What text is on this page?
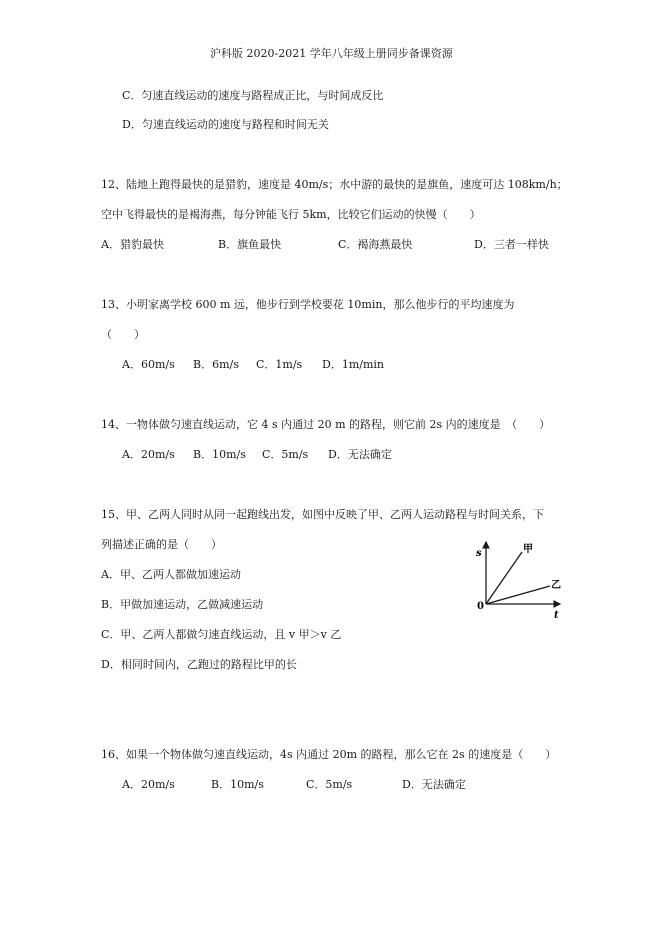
沪科版 2020-2021 学年八年级上册同步备课资源
C．匀速直线运动的速度与路程成正比，与时间成反比
D．匀速直线运动的速度与路程和时间无关
12、陆地上跑得最快的是猎豹，速度是 40m/s；水中游的最快的是旗鱼，速度可达 108km/h；
空中飞得最快的是褐海燕，每分钟能飞行 5km，比较它们运动的快慢（　　）
A．猎豹最快	B．旗鱼最快	C．褐海燕最快	D．三者一样快
13、小明家离学校 600 m 远，他步行到学校要花 10min，那么他步行的平均速度为
（　　）
A．60m/s B．6m/s C．1m/s D．1m/min
14、一物体做匀速直线运动，它 4 s 内通过 20 m 的路程，则它前 2s 内的速度是　（　　）
A．20m/s B．10m/s C．5m/s D．无法确定
15、甲、乙两人同时从同一起跑线出发，如图中反映了甲、乙两人运动路程与时间关系，下
列描述正确的是（　　）
A．甲、乙两人都做加速运动
B．甲做加速运动，乙做减速运动
C．甲、乙两人都做匀速直线运动，且 v 甲＞v 乙
D．相同时间内，乙跑过的路程比甲的长
s
t
0
甲
乙
16、如果一个物体做匀速直线运动，4s 内通过 20m 的路程，那么它在 2s 的速度是（　　）
A．20m/s	B．10m/s	C．5m/s	D．无法确定
